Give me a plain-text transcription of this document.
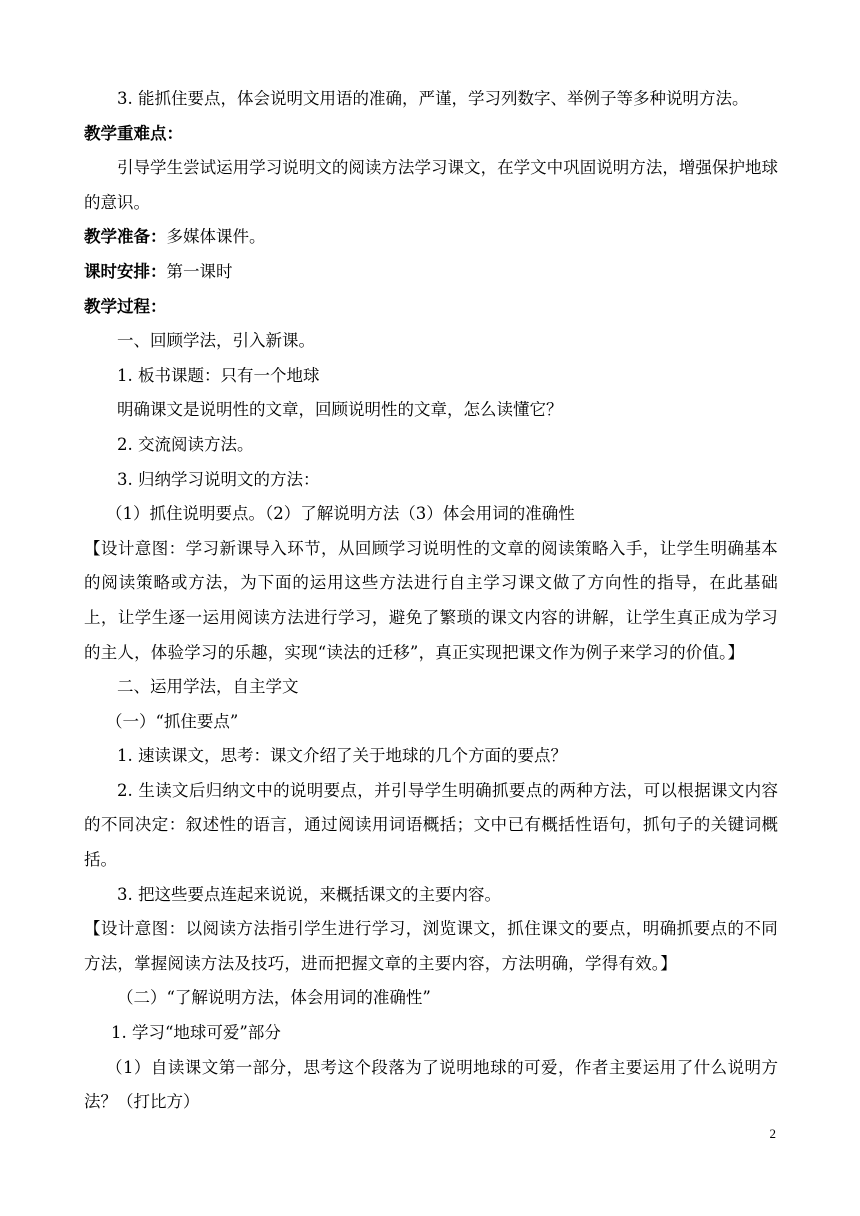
3. 能抓住要点，体会说明文用语的准确，严谨，学习列数字、举例子等多种说明方法。

教学重难点：

引导学生尝试运用学习说明文的阅读方法学习课文，在学文中巩固说明方法，增强保护地球的意识。

教学准备：多媒体课件。

课时安排：第一课时

教学过程：

一、回顾学法，引入新课。

1. 板书课题：只有一个地球

明确课文是说明性的文章，回顾说明性的文章，怎么读懂它？

2. 交流阅读方法。

3. 归纳学习说明文的方法：

（1）抓住说明要点。（2）了解说明方法（3）体会用词的准确性

【设计意图：学习新课导入环节，从回顾学习说明性的文章的阅读策略入手，让学生明确基本的阅读策略或方法，为下面的运用这些方法进行自主学习课文做了方向性的指导，在此基础上，让学生逐一运用阅读方法进行学习，避免了繁琐的课文内容的讲解，让学生真正成为学习的主人，体验学习的乐趣，实现“读法的迁移”，真正实现把课文作为例子来学习的价值。】

二、运用学法，自主学文

（一）“抓住要点”

1. 速读课文，思考：课文介绍了关于地球的几个方面的要点？

2. 生读文后归纳文中的说明要点，并引导学生明确抓要点的两种方法，可以根据课文内容的不同决定：叙述性的语言，通过阅读用词语概括；文中已有概括性语句，抓句子的关键词概括。

3. 把这些要点连起来说说，来概括课文的主要内容。

【设计意图：以阅读方法指引学生进行学习，浏览课文，抓住课文的要点，明确抓要点的不同方法，掌握阅读方法及技巧，进而把握文章的主要内容，方法明确，学得有效。】

（二）“了解说明方法，体会用词的准确性”

1. 学习“地球可爱”部分

（1）自读课文第一部分，思考这个段落为了说明地球的可爱，作者主要运用了什么说明方法？（打比方）

2
